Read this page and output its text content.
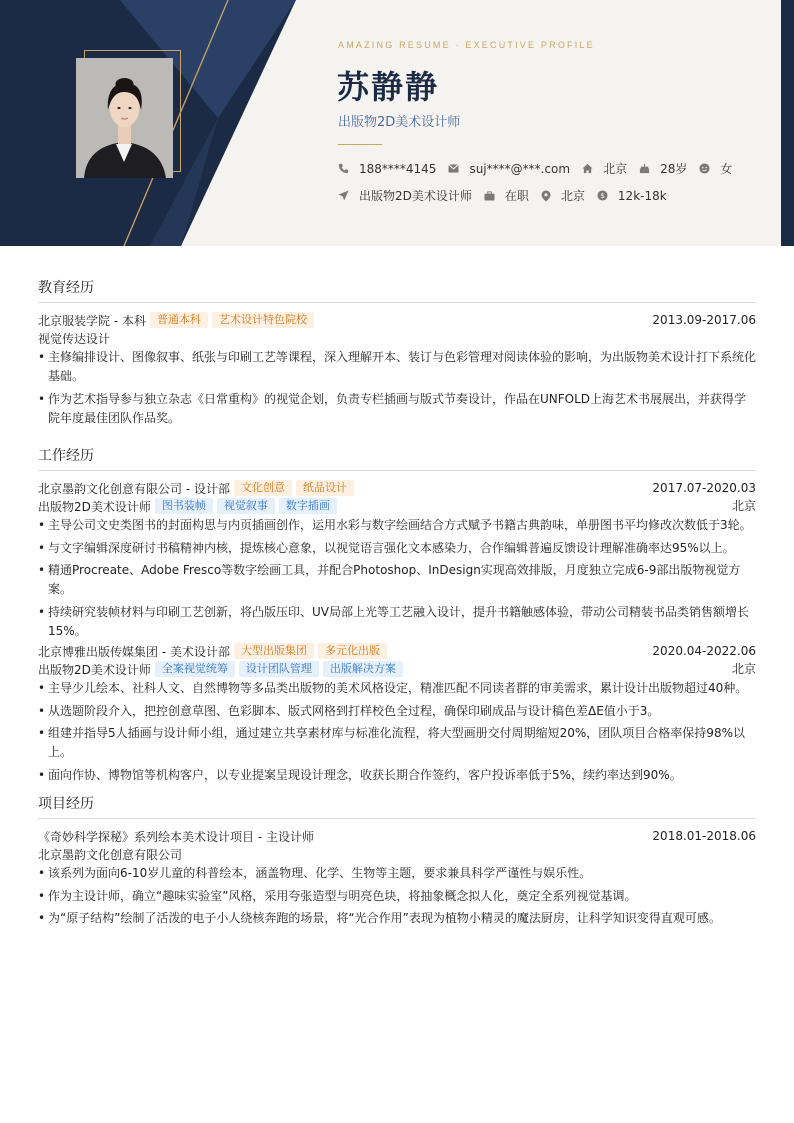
AMAZING RESUME · EXECUTIVE PROFILE
苏静静
出版物2D美术设计师
188****4145	suj****@***.com	北京	28岁	女
出版物2D美术设计师	在职	北京 $ 12k-18k
教育经历
北京服装学院 - 本科	普通本科	艺术设计特色院校	2013.09-2017.06
视觉传达设计
• 主修编排设计、图像叙事、纸张与印刷工艺等课程，深入理解开本、装订与色彩管理对阅读体验的影响，为出版物美术设计打下系统化基础。
• 作为艺术指导参与独立杂志《日常重构》的视觉企划，负责专栏插画与版式节奏设计，作品在UNFOLD上海艺术书展展出，并获得学院年度最佳团队作品奖。
工作经历
北京墨韵文化创意有限公司 - 设计部	文化创意	纸品设计	2017.07-2020.03
出版物2D美术设计师	图书装帧	视觉叙事	数字插画	北京
• 主导公司文史类图书的封面构思与内页插画创作，运用水彩与数字绘画结合方式赋予书籍古典韵味，单册图书平均修改次数低于3轮。
• 与文字编辑深度研讨书稿精神内核，提炼核心意象，以视觉语言强化文本感染力，合作编辑普遍反馈设计理解准确率达95%以上。
• 精通Procreate、Adobe Fresco等数字绘画工具，并配合Photoshop、InDesign实现高效排版，月度独立完成6-9部出版物视觉方案。
• 持续研究装帧材料与印刷工艺创新，将凸版压印、UV局部上光等工艺融入设计，提升书籍触感体验，带动公司精装书品类销售额增长15%。
北京博雅出版传媒集团 - 美术设计部	大型出版集团	多元化出版	2020.04-2022.06
出版物2D美术设计师	全案视觉统筹	设计团队管理	出版解决方案	北京
• 主导少儿绘本、社科人文、自然博物等多品类出版物的美术风格设定，精准匹配不同读者群的审美需求，累计设计出版物超过40种。
• 从选题阶段介入，把控创意草图、色彩脚本、版式网格到打样校色全过程，确保印刷成品与设计稿色差ΔE值小于3。
• 组建并指导5人插画与设计师小组，通过建立共享素材库与标准化流程，将大型画册交付周期缩短20%，团队项目合格率保持98%以上。
• 面向作协、博物馆等机构客户，以专业提案呈现设计理念，收获长期合作签约，客户投诉率低于5%，续约率达到90%。
项目经历
《奇妙科学探秘》系列绘本美术设计项目 - 主设计师	2018.01-2018.06
北京墨韵文化创意有限公司
• 该系列为面向6-10岁儿童的科普绘本，涵盖物理、化学、生物等主题，要求兼具科学严谨性与娱乐性。
• 作为主设计师，确立“趣味实验室”风格，采用夸张造型与明亮色块，将抽象概念拟人化，奠定全系列视觉基调。
• 为“原子结构”绘制了活泼的电子小人绕核奔跑的场景，将“光合作用”表现为植物小精灵的魔法厨房，让科学知识变得直观可感。
